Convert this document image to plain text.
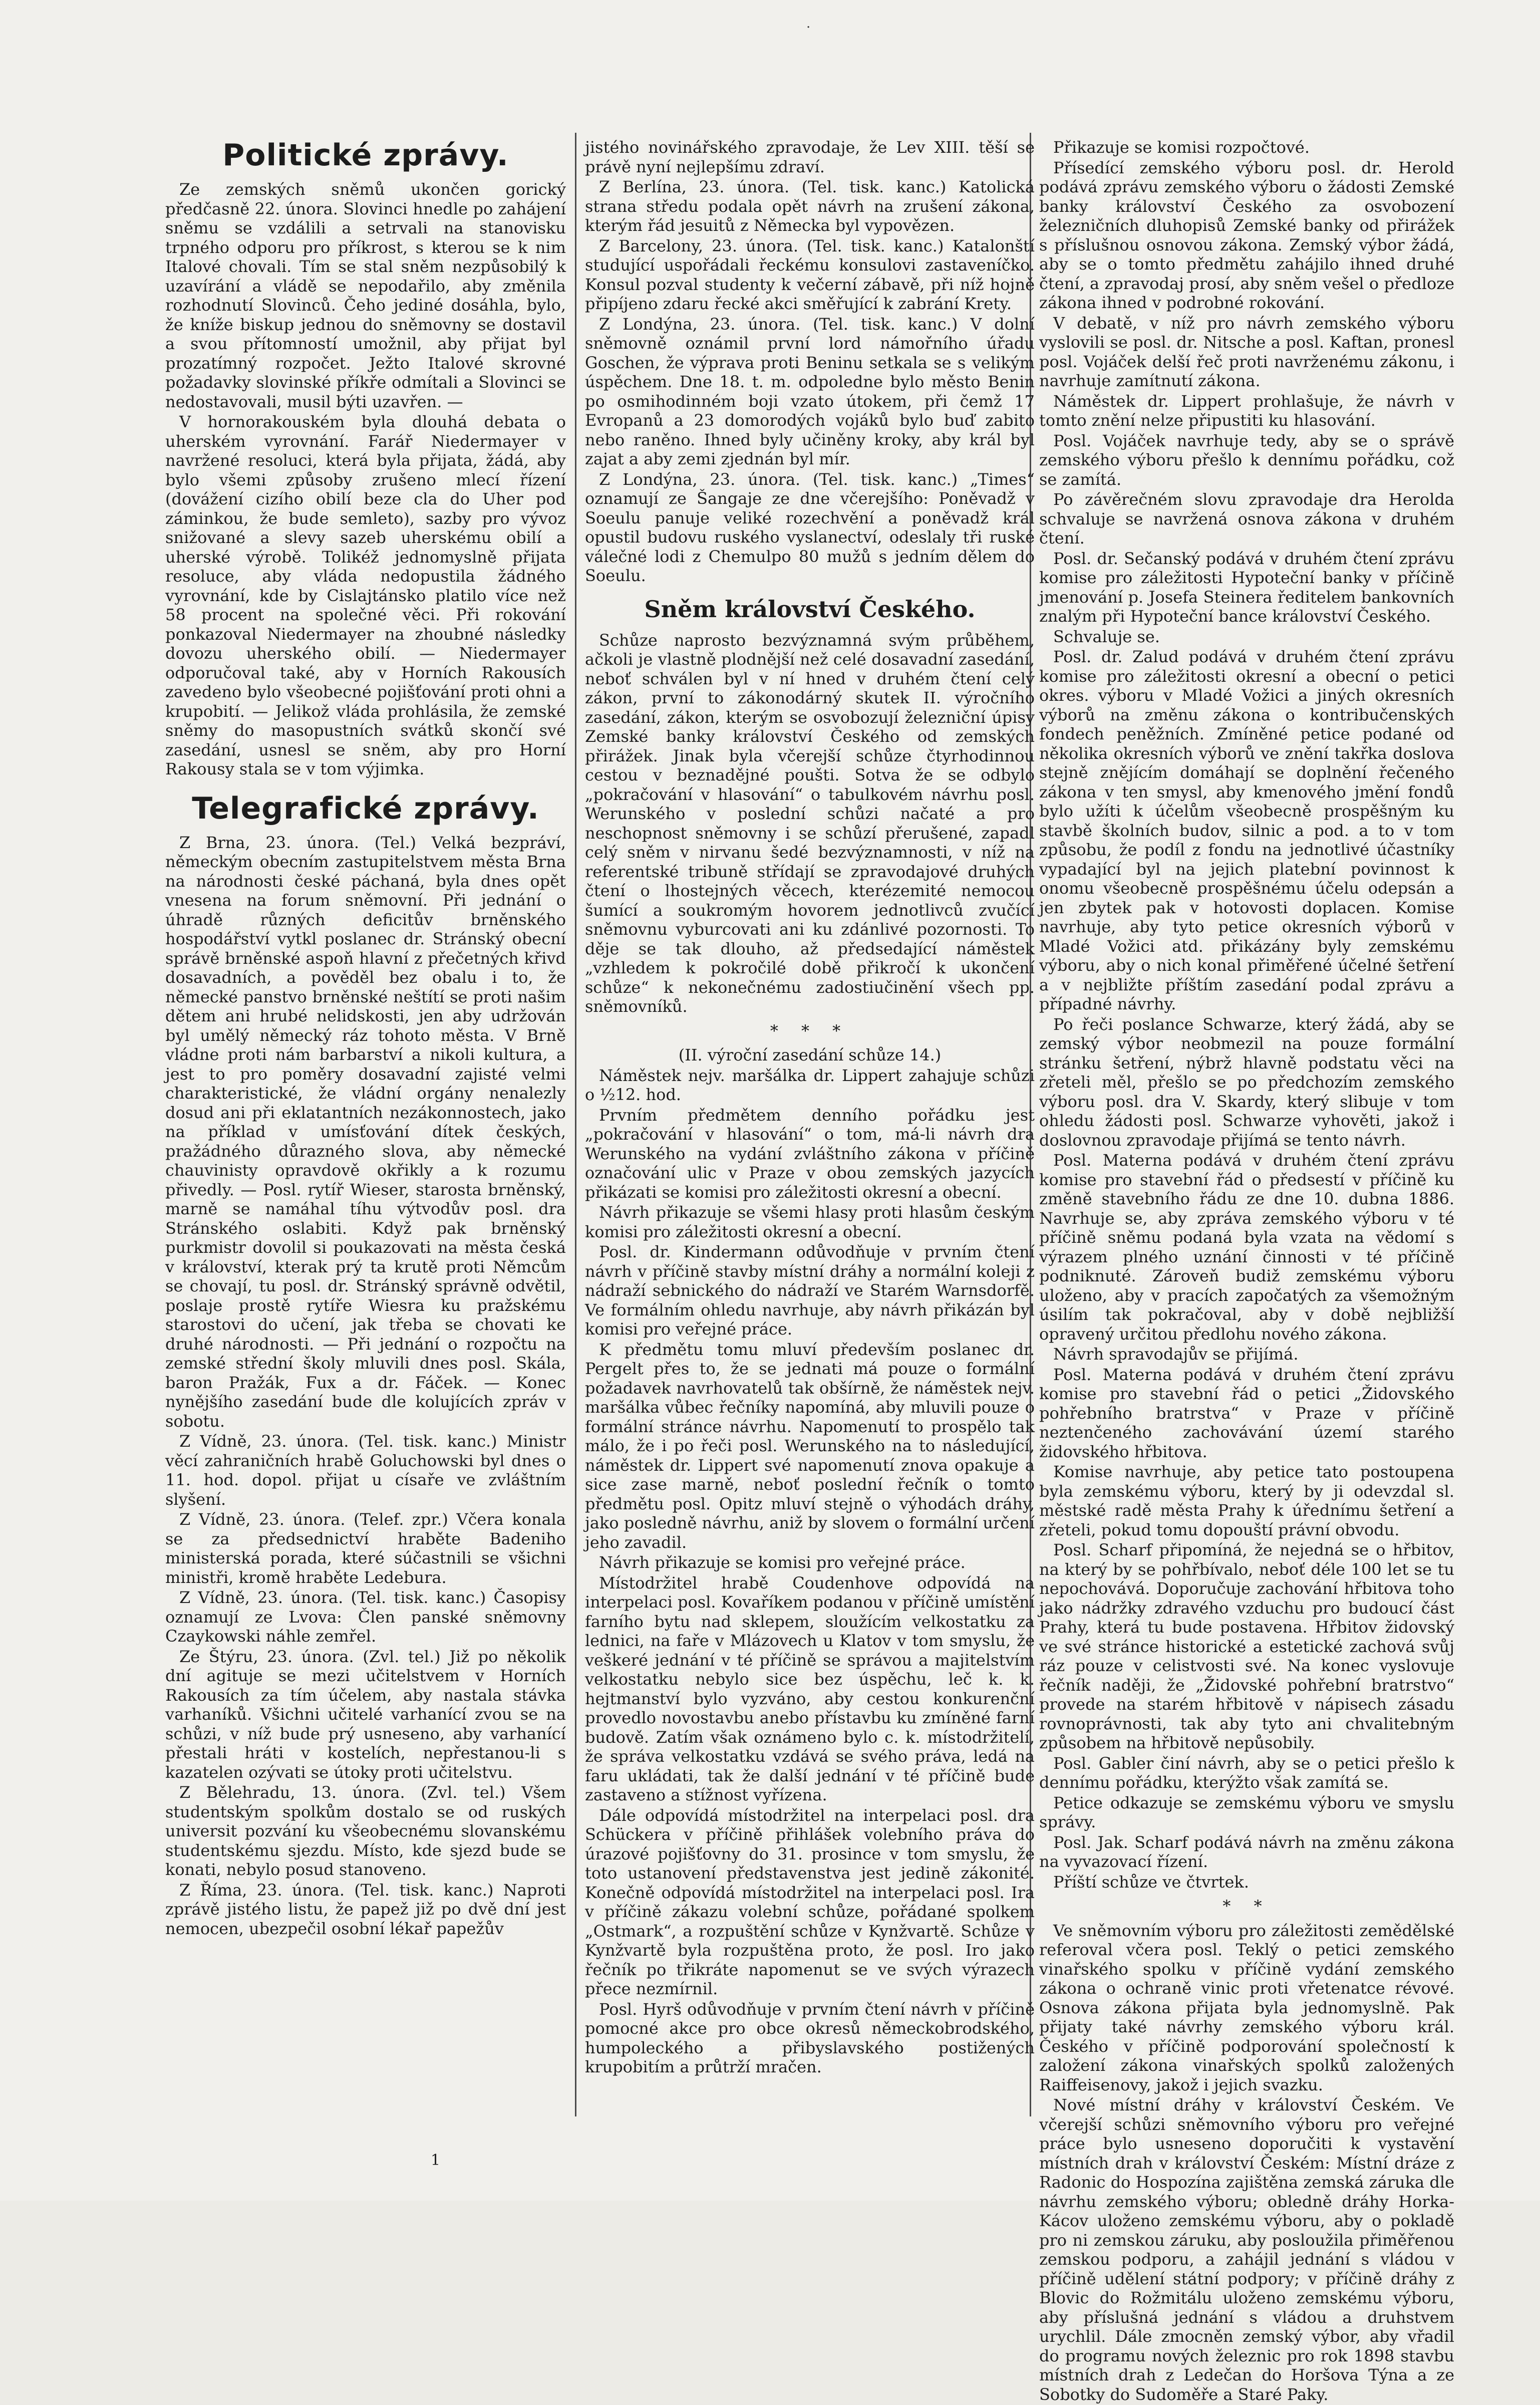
·
Politické zprávy.

Ze zemských sněmů ukončen gorický předčasně 22. února. Slovinci hnedle po zahájení sněmu se vzdálili a setrvali na stanovisku trpného odporu pro příkrost, s kterou se k nim Italové chovali. Tím se stal sněm nezpůsobilý k uzavírání a vládě se nepodařilo, aby změnila rozhodnutí Slovinců. Čeho jediné dosáhla, bylo, že kníže biskup jednou do sněmovny se dostavil a svou přítomností umožnil, aby přijat byl prozatímný rozpočet. Ježto Italové skrovné požadavky slovinské příkře odmítali a Slovinci se nedostavovali, musil býti uzavřen. —

V hornorakouském byla dlouhá debata o uherském vyrovnání. Farář Niedermayer v navržené resoluci, která byla přijata, žádá, aby bylo všemi způsoby zrušeno mlecí řízení (dovážení cizího obilí beze cla do Uher pod záminkou, že bude semleto), sazby pro vývoz snižované a slevy sazeb uherskému obilí a uherské výrobě. Tolikéž jednomyslně přijata resoluce, aby vláda nedopustila žádného vyrovnání, kde by Cislajtánsko platilo více než 58 procent na společné věci. Při rokování ponkazoval Niedermayer na zhoubné následky dovozu uherského obilí. — Niedermayer odporučoval také, aby v Horních Rakousích zavedeno bylo všeobecné pojišťování proti ohni a krupobití. — Jelikož vláda prohlásila, že zemské sněmy do masopustních svátků skončí své zasedání, usnesl se sněm, aby pro Horní Rakousy stala se v tom výjimka.

Telegrafické zprávy.

Z Brna, 23. února. (Tel.) Velká bezpráví, německým obecním zastupitelstvem města Brna na národnosti české páchaná, byla dnes opět vnesena na forum sněmovní. Při jednání o úhradě různých deficitův brněnského hospodářství vytkl poslanec dr. Stránský obecní správě brněnské aspoň hlavní z přečetných křivd dosavadních, a pověděl bez obalu i to, že německé panstvo brněnské neštítí se proti našim dětem ani hrubé nelidskosti, jen aby udržován byl umělý německý ráz tohoto města. V Brně vládne proti nám barbarství a nikoli kultura, a jest to pro poměry dosavadní zajisté velmi charakteristické, že vládní orgány nenalezly dosud ani při eklatantních nezákonnostech, jako na příklad v umísťování dítek českých, pražádného důrazného slova, aby německé chauvinisty opravdově okřikly a k rozumu přivedly. — Posl. rytíř Wieser, starosta brněnský, marně se namáhal tíhu výtvodův posl. dra Stránského oslabiti. Když pak brněnský purkmistr dovolil si poukazovati na města česká v království, kterak prý ta krutě proti Němcům se chovají, tu posl. dr. Stránský správně odvětil, poslaje prostě rytíře Wiesra ku pražskému starostovi do učení, jak třeba se chovati ke druhé národnosti. — Při jednání o rozpočtu na zemské střední školy mluvili dnes posl. Skála, baron Pražák, Fux a dr. Fáček. — Konec nynějšího zasedání bude dle kolujících zpráv v sobotu.

Z Vídně, 23. února. (Tel. tisk. kanc.) Ministr věcí zahraničních hrabě Goluchowski byl dnes o 11. hod. dopol. přijat u císaře ve zvláštním slyšení.

Z Vídně, 23. února. (Telef. zpr.) Včera konala se za předsednictví hraběte Badeniho ministerská porada, které súčastnili se všichni ministři, kromě hraběte Ledebura.

Z Vídně, 23. února. (Tel. tisk. kanc.) Časopisy oznamují ze Lvova: Člen panské sněmovny Czaykowski náhle zemřel.

Ze Štýru, 23. února. (Zvl. tel.) Již po několik dní agituje se mezi učitelstvem v Horních Rakousích za tím účelem, aby nastala stávka varhaníků. Všichni učitelé varhanící zvou se na schůzi, v níž bude prý usneseno, aby varhanící přestali hráti v kostelích, nepřestanou-li s kazatelen ozývati se útoky proti učitelstvu.

Z Bělehradu, 13. února. (Zvl. tel.) Všem studentským spolkům dostalo se od ruských universit pozvání ku všeobecnému slovanskému studentskému sjezdu. Místo, kde sjezd bude se konati, nebylo posud stanoveno.

Z Říma, 23. února. (Tel. tisk. kanc.) Naproti zprávě jistého listu, že papež již po dvě dní jest nemocen, ubezpečil osobní lékař papežův

jistého novinářského zpravodaje, že Lev XIII. těší se právě nyní nejlepšímu zdraví.

Z Berlína, 23. února. (Tel. tisk. kanc.) Katolická strana středu podala opět návrh na zrušení zákona, kterým řád jesuitů z Německa byl vypovězen.

Z Barcelony, 23. února. (Tel. tisk. kanc.) Katalonští studující uspořádali řeckému konsulovi zastaveníčko. Konsul pozval studenty k večerní zábavě, při níž hojně připíjeno zdaru řecké akci směřující k zabrání Krety.

Z Londýna, 23. února. (Tel. tisk. kanc.) V dolní sněmovně oznámil první lord námořního úřadu Goschen, že výprava proti Beninu setkala se s velikým úspěchem. Dne 18. t. m. odpoledne bylo město Benin po osmihodinném boji vzato útokem, při čemž 17 Evropanů a 23 domorodých vojáků bylo buď zabito nebo raněno. Ihned byly učiněny kroky, aby král byl zajat a aby zemi zjednán byl mír.

Z Londýna, 23. února. (Tel. tisk. kanc.) „Times“ oznamují ze Šangaje ze dne včerejšího: Poněvadž v Soeulu panuje veliké rozechvění a poněvadž král opustil budovu ruského vyslanectví, odeslaly tři ruské válečné lodi z Chemulpo 80 mužů s jedním dělem do Soeulu.

Sněm království Českého.

Schůze naprosto bezvýznamná svým průběhem, ačkoli je vlastně plodnější než celé dosavadní zasedání, neboť schválen byl v ní hned v druhém čtení celý zákon, první to zákonodárný skutek II. výročního zasedání, zákon, kterým se osvobozují železniční úpisy Zemské banky království Českého od zemských přirážek. Jinak byla včerejší schůze čtyrhodinnou cestou v beznadějné poušti. Sotva že se odbylo „pokračování v hlasování“ o tabulkovém návrhu posl. Werunského v poslední schůzi načaté a pro neschopnost sněmovny i se schůzí přerušené, zapadl celý sněm v nirvanu šedé bezvýznamnosti, v níž na referentské tribuně střídají se zpravodajové druhých čtení o lhostejných věcech, kterézemité nemocou šumící a soukromým hovorem jednotlivců zvučící sněmovnu vyburcovati ani ku zdánlivé pozornosti. To děje se tak dlouho, až předsedající náměstek „vzhledem k pokročilé době přikročí k ukončení schůze“ k nekonečnému zadostiučinění všech pp. sněmovníků.

* * *

(II. výroční zasedání schůze 14.)

Náměstek nejv. maršálka dr. Lippert zahajuje schůzi o ½12. hod.

Prvním předmětem denního pořádku jest „pokračování v hlasování“ o tom, má-li návrh dra Werunského na vydání zvláštního zákona v příčině označování ulic v Praze v obou zemských jazycích přikázati se komisi pro záležitosti okresní a obecní.

Návrh přikazuje se všemi hlasy proti hlasům českým komisi pro záležitosti okresní a obecní.

Posl. dr. Kindermann odůvodňuje v prvním čtení návrh v příčině stavby místní dráhy a normální koleji z nádraží sebnického do nádraží ve Starém Warnsdorfě. Ve formálním ohledu navrhuje, aby návrh přikázán byl komisi pro veřejné práce.

K předmětu tomu mluví především poslanec dr. Pergelt přes to, že se jednati má pouze o formální požadavek navrhovatelů tak obšírně, že náměstek nejv. maršálka vůbec řečníky napomíná, aby mluvili pouze o formální stránce návrhu. Napomenutí to prospělo tak málo, že i po řeči posl. Werunského na to následující, náměstek dr. Lippert své napomenutí znova opakuje a sice zase marně, neboť poslední řečník o tomto předmětu posl. Opitz mluví stejně o výhodách dráhy, jako posledně návrhu, aniž by slovem o formální určení jeho zavadil.

Návrh přikazuje se komisi pro veřejné práce.

Místodržitel hrabě Coudenhove odpovídá na interpelaci posl. Kovaříkem podanou v příčině umístění farního bytu nad sklepem, sloužícím velkostatku za lednici, na faře v Mlázovech u Klatov v tom smyslu, že veškeré jednání v té příčině se správou a majitelstvím velkostatku nebylo sice bez úspěchu, leč k. k. hejtmanství bylo vyzváno, aby cestou konkurenční provedlo novostavbu anebo přístavbu ku zmíněné farní budově. Zatím však oznámeno bylo c. k. místodržitelí, že správa velkostatku vzdává se svého práva, ledá na faru ukládati, tak že další jednání v té příčině bude zastaveno a stížnost vyřízena.

Dále odpovídá místodržitel na interpelaci posl. dra Schückera v příčině přihlášek volebního práva do úrazové pojišťovny do 31. prosince v tom smyslu, že toto ustanovení představenstva jest jedině zákonité. Konečně odpovídá místodržitel na interpelaci posl. Ira v příčině zákazu volební schůze, pořádané spolkem „Ostmark“, a rozpuštění schůze v Kynžvartě. Schůze v Kynžvartě byla rozpuštěna proto, že posl. Iro jako řečník po třikráte napomenut se ve svých výrazech přece nezmírnil.

Posl. Hyrš odůvodňuje v prvním čtení návrh v příčině pomocné akce pro obce okresů německobrodského, humpoleckého a přibyslavského postižených krupobitím a průtrží mračen.

Přikazuje se komisi rozpočtové.

Přísedící zemského výboru posl. dr. Herold podává zprávu zemského výboru o žádosti Zemské banky království Českého za osvobození železničních dluhopisů Zemské banky od přirážek s příslušnou osnovou zákona. Zemský výbor žádá, aby se o tomto předmětu zahájilo ihned druhé čtení, a zpravodaj prosí, aby sněm vešel o předloze zákona ihned v podrobné rokování.

V debatě, v níž pro návrh zemského výboru vyslovili se posl. dr. Nitsche a posl. Kaftan, pronesl posl. Vojáček delší řeč proti navrženému zákonu, i navrhuje zamítnutí zákona.

Náměstek dr. Lippert prohlašuje, že návrh v tomto znění nelze připustiti ku hlasování.

Posl. Vojáček navrhuje tedy, aby se o správě zemského výboru přešlo k dennímu pořádku, což se zamítá.

Po závěrečném slovu zpravodaje dra Herolda schvaluje se navržená osnova zákona v druhém čtení.

Posl. dr. Sečanský podává v druhém čtení zprávu komise pro záležitosti Hypoteční banky v příčině jmenování p. Josefa Steinera ředitelem bankovních znalým při Hypoteční bance království Českého.

Schvaluje se.

Posl. dr. Zalud podává v druhém čtení zprávu komise pro záležitosti okresní a obecní o petici okres. výboru v Mladé Vožici a jiných okresních výborů na změnu zákona o kontribučenských fondech peněžních. Zmíněné petice podané od několika okresních výborů ve znění takřka doslova stejně znějícím domáhají se doplnění řečeného zákona v ten smysl, aby kmenového jmění fondů bylo užíti k účelům všeobecně prospěšným ku stavbě školních budov, silnic a pod. a to v tom způsobu, že podíl z fondu na jednotlivé účastníky vypadající byl na jejich platební povinnost k onomu všeobecně prospěšnému účelu odepsán a jen zbytek pak v hotovosti doplacen. Komise navrhuje, aby tyto petice okresních výborů v Mladé Vožici atd. přikázány byly zemskému výboru, aby o nich konal přiměřené účelné šetření a v nejbližte příštím zasedání podal zprávu a případné návrhy.

Po řeči poslance Schwarze, který žádá, aby se zemský výbor neobmezil na pouze formální stránku šetření, nýbrž hlavně podstatu věci na zřeteli měl, přešlo se po předchozím zemského výboru posl. dra V. Skardy, který slibuje v tom ohledu žádosti posl. Schwarze vyhověti, jakož i doslovnou zpravodaje přijímá se tento návrh.

Posl. Materna podává v druhém čtení zprávu komise pro stavební řád o předsestí v příčině ku změně stavebního řádu ze dne 10. dubna 1886. Navrhuje se, aby zpráva zemského výboru v té příčině sněmu podaná byla vzata na vědomí s výrazem plného uznání činnosti v té příčině podniknuté. Zároveň budiž zemskému výboru uloženo, aby v pracích započatých za všemožným úsilím tak pokračoval, aby v době nejbližší opravený určitou předlohu nového zákona.

Návrh spravodajův se přijímá.

Posl. Materna podává v druhém čtení zprávu komise pro stavební řád o petici „Židovského pohřebního bratrstva“ v Praze v příčině neztenčeného zachovávání území starého židovského hřbitova.

Komise navrhuje, aby petice tato postoupena byla zemskému výboru, který by ji odevzdal sl. městské radě města Prahy k úřednímu šetření a zřeteli, pokud tomu dopouští právní obvodu.

Posl. Scharf připomíná, že nejedná se o hřbitov, na který by se pohřbívalo, neboť déle 100 let se tu nepochovává. Doporučuje zachování hřbitova toho jako nádržky zdravého vzduchu pro budoucí část Prahy, která tu bude postavena. Hřbitov židovský ve své stránce historické a estetické zachová svůj ráz pouze v celistvosti své. Na konec vyslovuje řečník naději, že „Židovské pohřební bratrstvo“ provede na starém hřbitově v nápisech zásadu rovnoprávnosti, tak aby tyto ani chvalitebným způsobem na hřbitově nepůsobily.

Posl. Gabler činí návrh, aby se o petici přešlo k dennímu pořádku, kterýžto však zamítá se.

Petice odkazuje se zemskému výboru ve smyslu správy.

Posl. Jak. Scharf podává návrh na změnu zákona na vyvazovací řízení.

Příští schůze ve čtvrtek.

* *

Ve sněmovním výboru pro záležitosti zemědělské referoval včera posl. Teklý o petici zemského vinařského spolku v příčině vydání zemského zákona o ochraně vinic proti vřetenatce révové. Osnova zákona přijata byla jednomyslně. Pak přijaty také návrhy zemského výboru král. Českého v příčině podporování společností k založení zákona vinařských spolků založených Raiffeisenovy, jakož i jejich svazku.

Nové místní dráhy v království Českém. Ve včerejší schůzi sněmovního výboru pro veřejné práce bylo usneseno doporučiti k vystavění místních drah v království Českém: Místní dráze z Radonic do Hospozína zajištěna zemská záruka dle návrhu zemského výboru; obledně dráhy Horka-Kácov uloženo zemskému výboru, aby o pokladě pro ni zemskou záruku, aby posloužila přiměřenou zemskou podporu, a zahájil jednání s vládou v příčině udělení státní podpory; v příčině dráhy z Blovic do Rožmitálu uloženo zemskému výboru, aby příslušná jednání s vládou a druhstvem urychlil. Dále zmocněn zemský výbor, aby vřadil do programu nových železnic pro rok 1898 stavbu místních drah z Ledečan do Horšova Týna a ze Sobotky do Sudoměře a Staré Paky.

1
